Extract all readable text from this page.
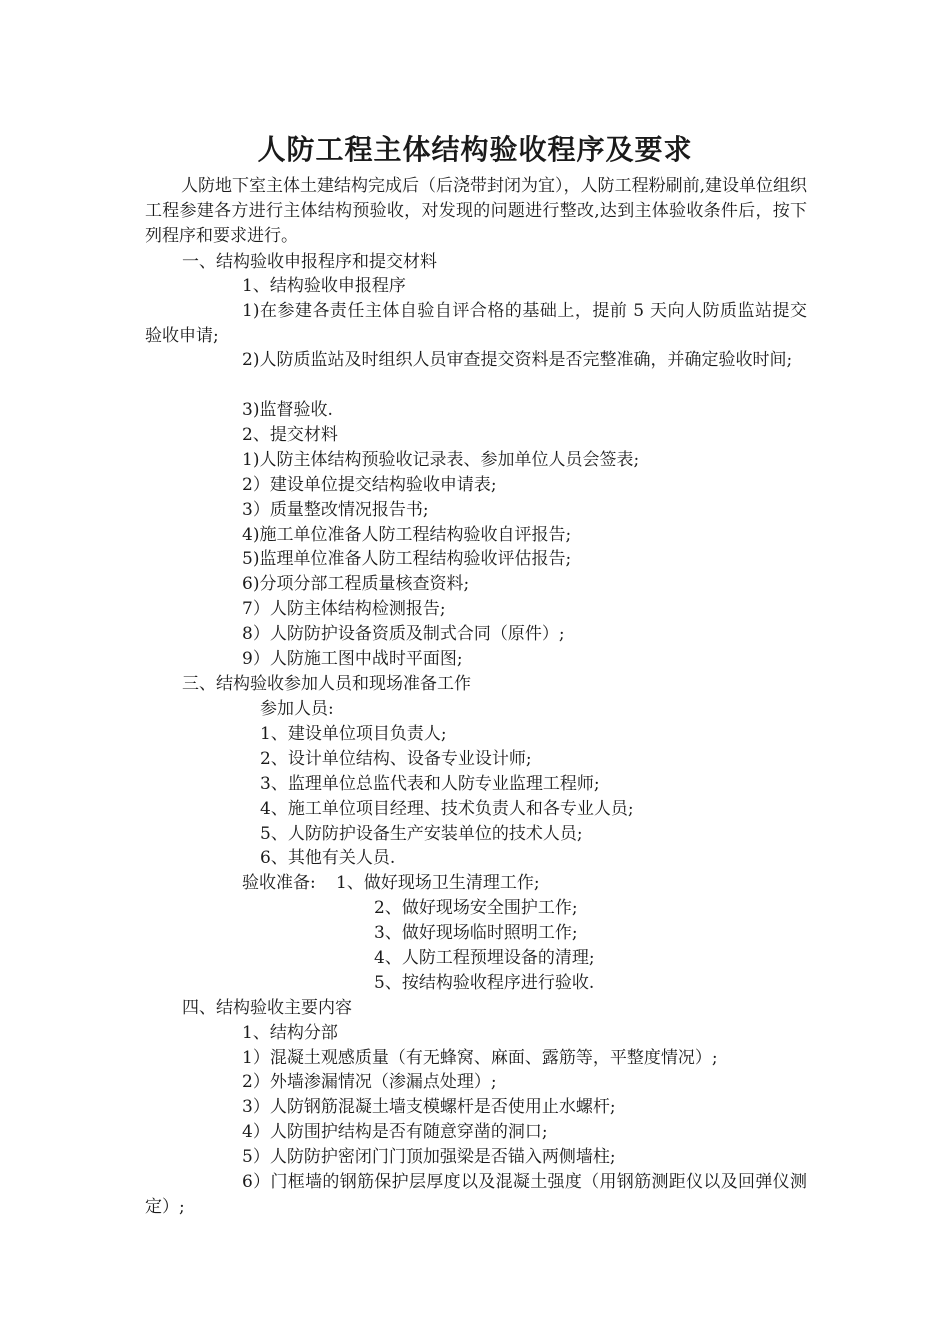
人防工程主体结构验收程序及要求
人防地下室主体土建结构完成后（后浇带封闭为宜），人防工程粉刷前,建设单位组织工程参建各方进行主体结构预验收，对发现的问题进行整改,达到主体验收条件后，按下列程序和要求进行。
一、结构验收申报程序和提交材料
1、结构验收申报程序
1)在参建各责任主体自验自评合格的基础上，提前 5 天向人防质监站提交验收申请;
2)人防质监站及时组织人员审查提交资料是否完整准确，并确定验收时间;
3)监督验收.
2、提交材料
1)人防主体结构预验收记录表、参加单位人员会签表;
2）建设单位提交结构验收申请表;
3）质量整改情况报告书;
4)施工单位准备人防工程结构验收自评报告;
5)监理单位准备人防工程结构验收评估报告;
6)分项分部工程质量核查资料;
7）人防主体结构检测报告;
8）人防防护设备资质及制式合同（原件）;
9）人防施工图中战时平面图;
三、结构验收参加人员和现场准备工作
参加人员:
1、建设单位项目负责人;
2、设计单位结构、设备专业设计师;
3、监理单位总监代表和人防专业监理工程师;
4、施工单位项目经理、技术负责人和各专业人员;
5、人防防护设备生产安装单位的技术人员;
6、其他有关人员.
验收准备: 1、做好现场卫生清理工作;
2、做好现场安全围护工作;
3、做好现场临时照明工作;
4、人防工程预埋设备的清理;
5、按结构验收程序进行验收.
四、结构验收主要内容
1、结构分部
1）混凝土观感质量（有无蜂窝、麻面、露筋等，平整度情况）;
2）外墙渗漏情况（渗漏点处理）;
3）人防钢筋混凝土墙支模螺杆是否使用止水螺杆;
4）人防围护结构是否有随意穿凿的洞口;
5）人防防护密闭门门顶加强梁是否锚入两侧墙柱;
6）门框墙的钢筋保护层厚度以及混凝土强度（用钢筋测距仪以及回弹仪测定）;
